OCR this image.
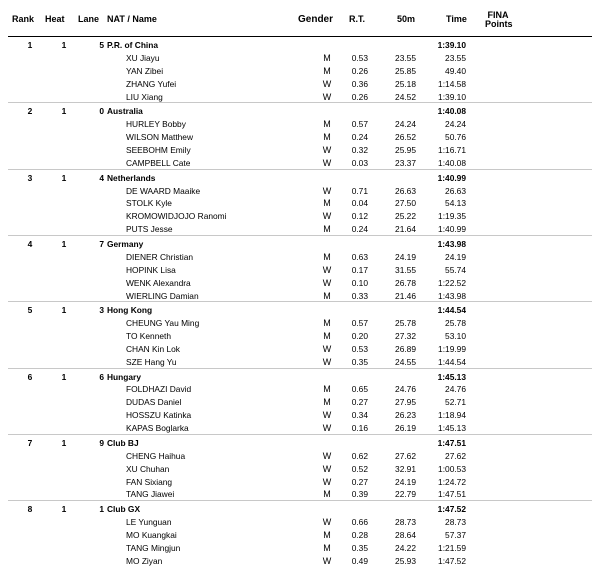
Rank Heat Lane NAT / Name	Gender R.T.	50m	Time FINA
Points
1	1	5 P.R. of China	1:39.10
XU Jiayu	M	0.53	23.55	23.55
YAN Zibei	M	0.26	25.85	49.40
ZHANG Yufei	W	0.36	25.18	1:14.58
LIU Xiang	W	0.26	24.52	1:39.10
2	1	0 Australia	1:40.08
HURLEY Bobby	M	0.57	24.24	24.24
WILSON Matthew	M	0.24	26.52	50.76
SEEBOHM Emily	W	0.32	25.95	1:16.71
CAMPBELL Cate	W	0.03	23.37	1:40.08
3	1	4 Netherlands	1:40.99
DE WAARD Maaike	W	0.71	26.63	26.63
STOLK Kyle	M	0.04	27.50	54.13
KROMOWIDJOJO Ranomi	W	0.12	25.22	1:19.35
PUTS Jesse	M	0.24	21.64	1:40.99
4	1	7 Germany	1:43.98
DIENER Christian	M	0.63	24.19	24.19
HOPINK Lisa	W	0.17	31.55	55.74
WENK Alexandra	W	0.10	26.78	1:22.52
WIERLING Damian	M	0.33	21.46	1:43.98
5	1	3 Hong Kong	1:44.54
CHEUNG Yau Ming	M	0.57	25.78	25.78
TO Kenneth	M	0.20	27.32	53.10
CHAN Kin Lok	W	0.53	26.89	1:19.99
SZE Hang Yu	W	0.35	24.55	1:44.54
6	1	6 Hungary	1:45.13
FOLDHAZI David	M	0.65	24.76	24.76
DUDAS Daniel	M	0.27	27.95	52.71
HOSSZU Katinka	W	0.34	26.23	1:18.94
KAPAS Boglarka	W	0.16	26.19	1:45.13
7	1	9 Club BJ	1:47.51
CHENG Haihua	W	0.62	27.62	27.62
XU Chuhan	W	0.52	32.91	1:00.53
FAN Sixiang	W	0.27	24.19	1:24.72
TANG Jiawei	M	0.39	22.79	1:47.51
8	1	1 Club GX	1:47.52
LE Yunguan	W	0.66	28.73	28.73
MO Kuangkai	M	0.28	28.64	57.37
TANG Mingjun	M	0.35	24.22	1:21.59
MO Ziyan	W	0.49	25.93	1:47.52
